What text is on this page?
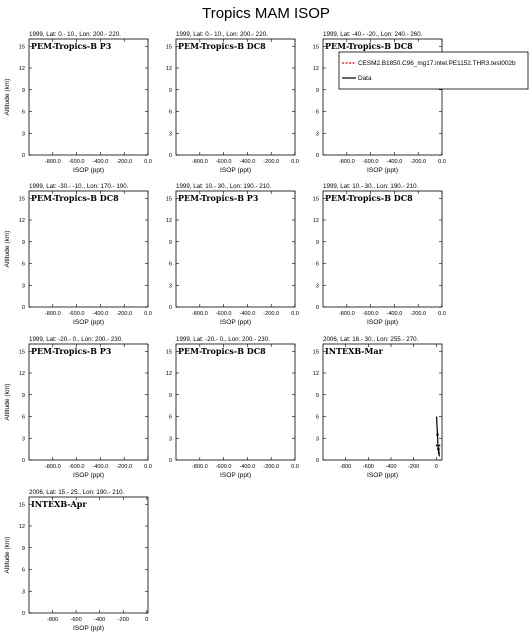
Tropics MAM ISOP
1999, Lat: 0.- 10., Lon: 200.- 220.
PEM-Tropics-B P3
0
3
6
9
12
15
-800.0 -600.0 -400.0 -200.0 0.0
ISOP (ppt)
Altitude (km)
1999, Lat: 0.- 10., Lon: 200.- 220.
PEM-Tropics-B DC8
0
3
6
9
12
15
-800.0 -600.0 -400.0 -200.0 0.0
ISOP (ppt)
1999, Lat: -40.- -20., Lon: 240.- 260.
PEM-Tropics-B DC8
0
3
6
9
12
15
-800.0 -600.0 -400.0 -200.0 0.0
ISOP (ppt)
CESM2.B1850.C96_mg17.intel.PE1152.THR3.test002b
Data
1999, Lat: -30.- -10., Lon: 170.- 190.
PEM-Tropics-B DC8
0
3
6
9
12
15
-800.0 -600.0 -400.0 -200.0 0.0
ISOP (ppt)
Altitude (km)
1999, Lat: 10.- 30., Lon: 190.- 210.
PEM-Tropics-B P3
0
3
6
9
12
15
-800.0 -600.0 -400.0 -200.0 0.0
ISOP (ppt)
1999, Lat: 10.- 30., Lon: 190.- 210.
PEM-Tropics-B DC8
0
3
6
9
12
15
-800.0 -600.0 -400.0 -200.0 0.0
ISOP (ppt)
1999, Lat: -20.- 0., Lon: 200.- 230.
PEM-Tropics-B P3
0
3
6
9
12
15
-800.0 -600.0 -400.0 -200.0 0.0
ISOP (ppt)
Altitude (km)
1999, Lat: -20.- 0., Lon: 200.- 230.
PEM-Tropics-B DC8
0
3
6
9
12
15
-800.0 -600.0 -400.0 -200.0 0.0
ISOP (ppt)
2006, Lat: 18.- 30., Lon: 255.- 270.
INTEXB-Mar
0
3
6
9
12
15
-800 -600 -400 -200	0
ISOP (ppt)
2006, Lat: 15.- 25., Lon: 190.- 210.
INTEXB-Apr
0
3
6
9
12
15
-800 -600 -400 -200	0
ISOP (ppt)
Altitude (km)
